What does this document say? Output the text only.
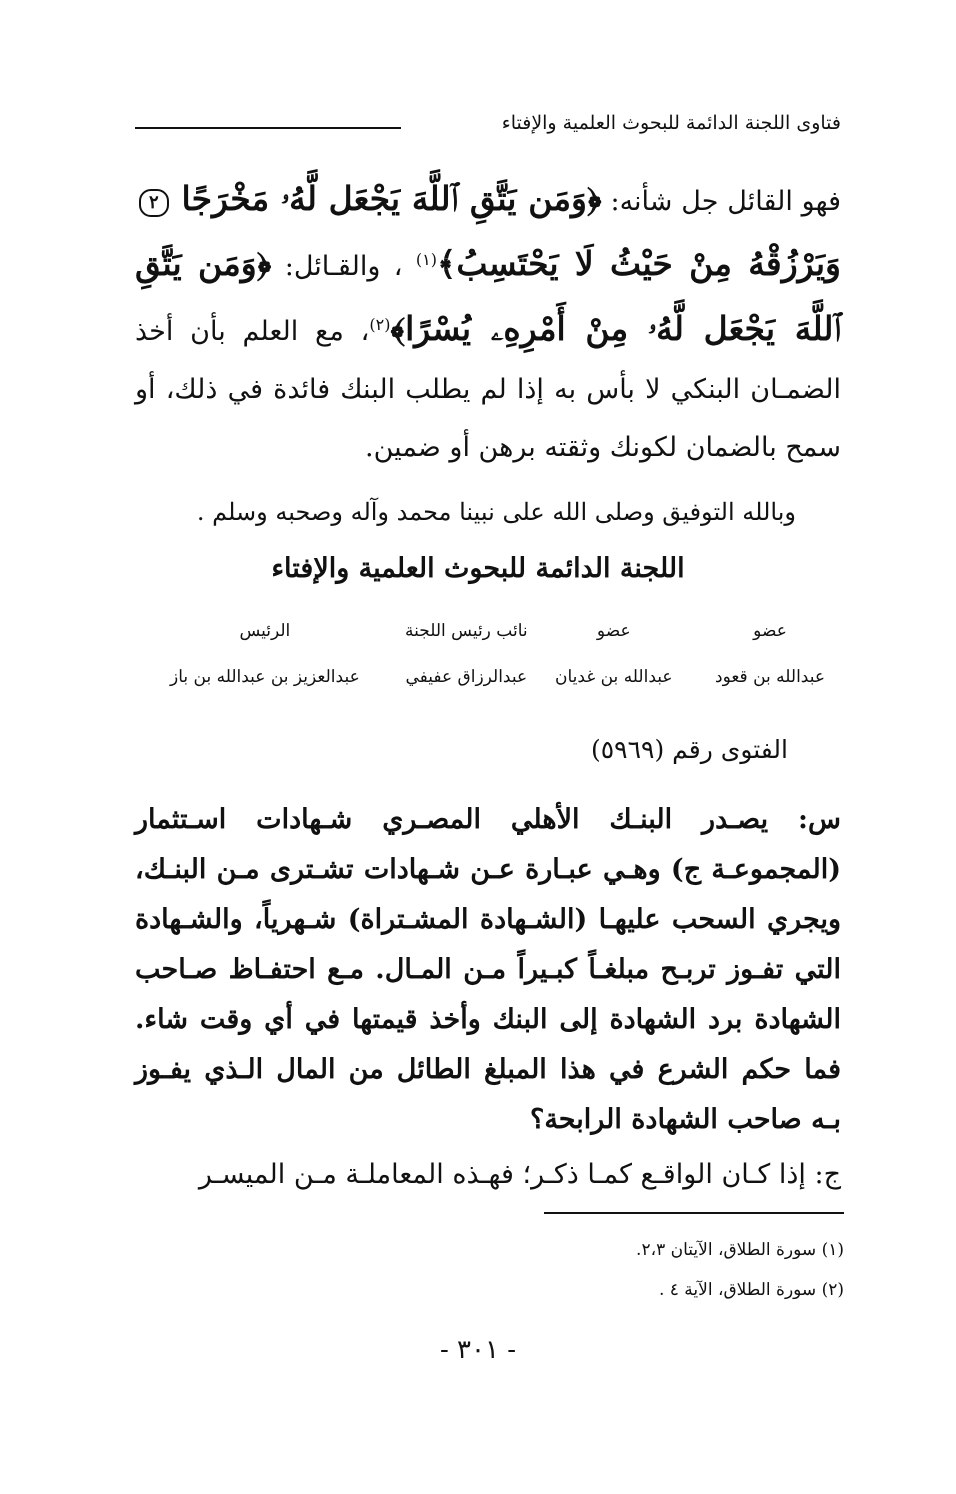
فتاوى اللجنة الدائمة للبحوث العلمية والإفتاء
فهو القائل جل شأنه: ﴿وَمَن يَتَّقِ ٱللَّهَ يَجْعَل لَّهُۥ مَخْرَجًا ٢ وَيَرْزُقْهُ مِنْ حَيْثُ لَا يَحْتَسِبُ﴾$^{(١)}$ ، والقـائل: ﴿وَمَن يَتَّقِ ٱللَّهَ يَجْعَل لَّهُۥ مِنْ أَمْرِهِۦ يُسْرًا﴾$^{(٢)}$، مع العلم بأن أخذ الضمـان البنكي لا بأس به إذا لم يطلب البنك فائدة في ذلك، أو سمح بالضمان لكونك وثقته برهن أو ضمين.
وبالله التوفيق وصلى الله على نبينا محمد وآله وصحبه وسلم .
اللجنة الدائمة للبحوث العلمية والإفتاء
الرئيس
عبدالعزيز بن عبدالله بن باز
نائب رئيس اللجنة
عبدالرزاق عفيفي
عضو
عبدالله بن غديان
عضو
عبدالله بن قعود
الفتوى رقم (٥٩٦٩)
س: يصـدر البنـك الأهلي المصـري شـهادات اسـتثمار (المجموعـة ج) وهـي عبـارة عـن شـهادات تشـترى مـن البنـك، ويجري السحب عليهـا (الشـهادة المشـتراة) شـهرياً، والشـهادة التي تفـوز تربـح مبلغـاً كبـيراً مـن المـال. مـع احتفـاظ صـاحب الشهادة برد الشهادة إلى البنك وأخذ قيمتها في أي وقت شاء. فما حكم الشرع في هذا المبلغ الطائل من المال الـذي يفـوز بـه صاحب الشهادة الرابحة؟
ج: إذا كـان الواقـع كمـا ذكـر؛ فهـذه المعاملـة مـن الميسـر
(١) سورة الطلاق، الآيتان ٢،٣.
(٢) سورة الطلاق، الآية ٤ .
- ٣٠١ -
